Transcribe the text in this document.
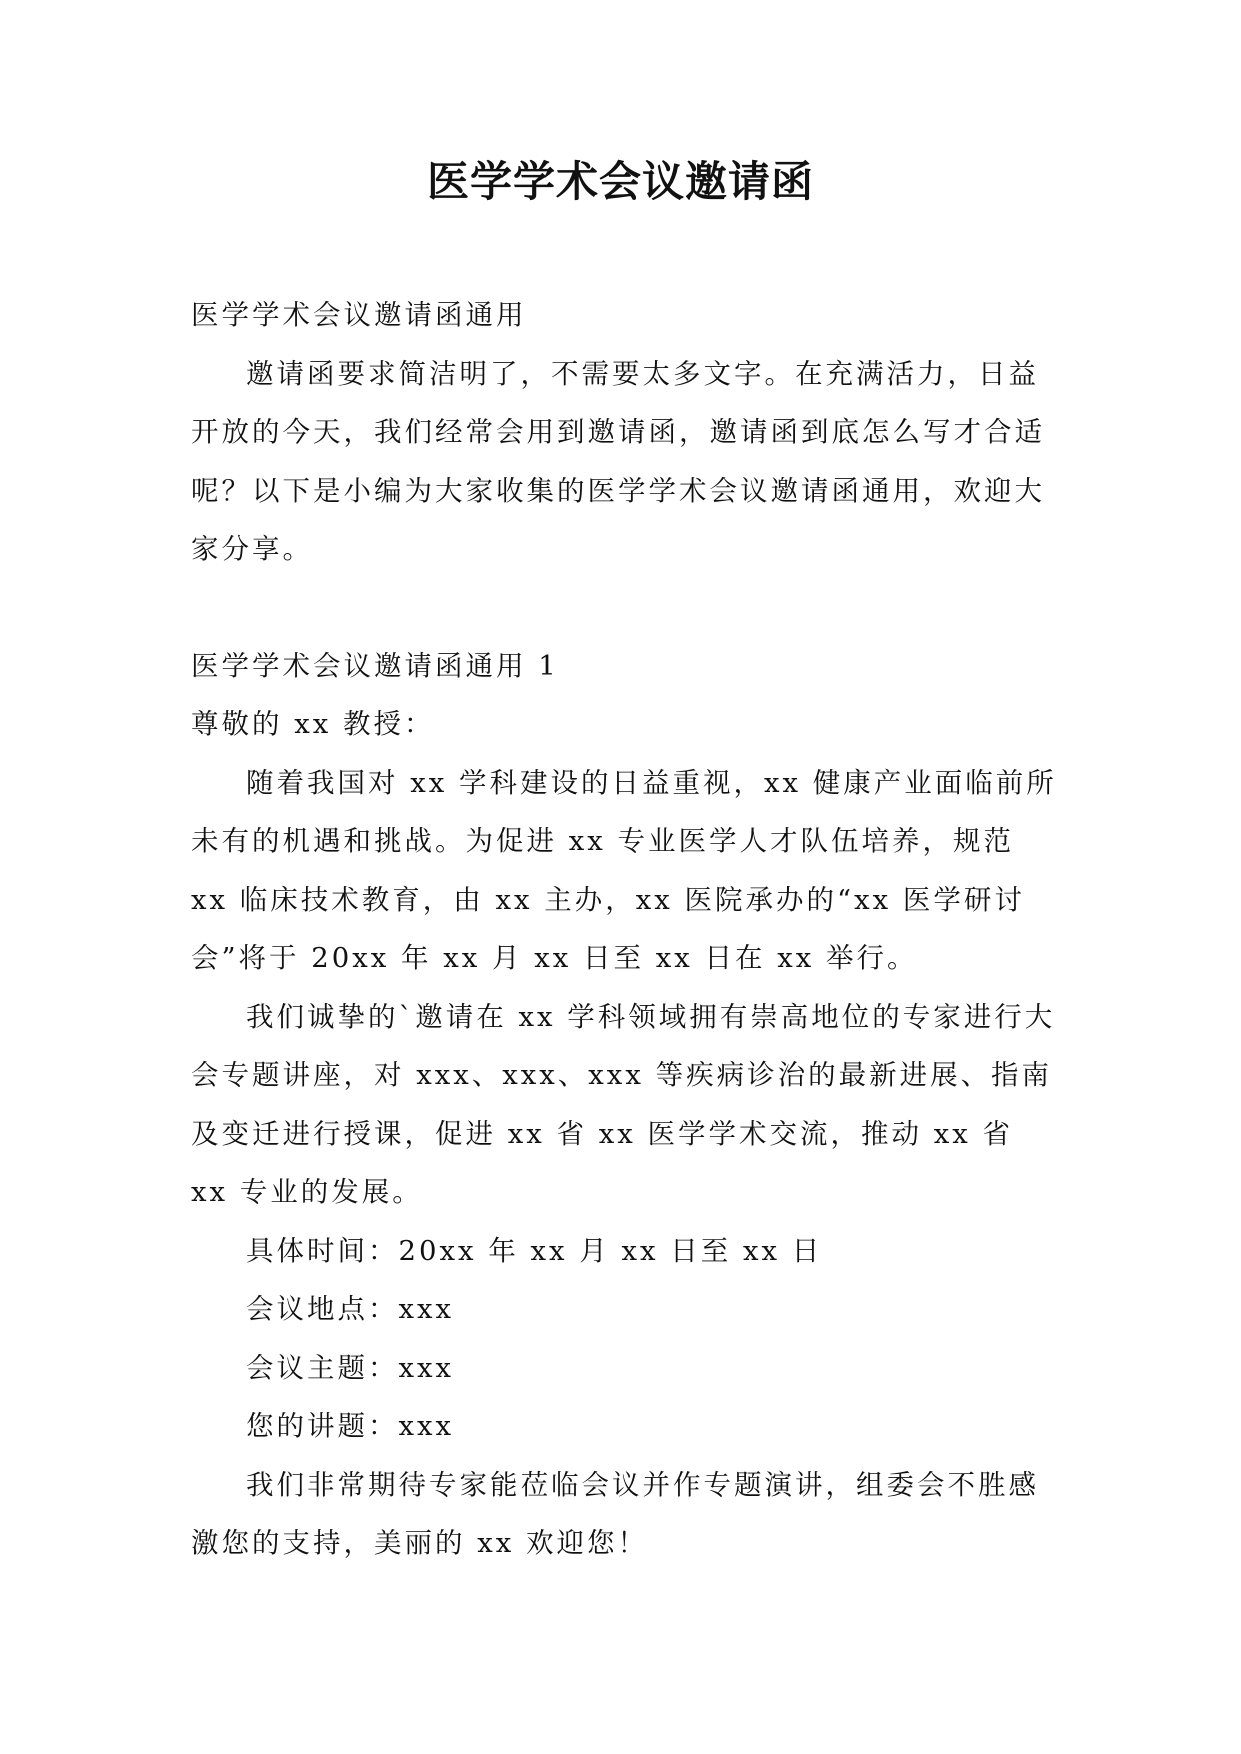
医学学术会议邀请函

医学学术会议邀请函通用

邀请函要求简洁明了，不需要太多文字。在充满活力，日益开放的今天，我们经常会用到邀请函，邀请函到底怎么写才合适呢？以下是小编为大家收集的医学学术会议邀请函通用，欢迎大家分享。

医学学术会议邀请函通用 1

尊敬的 xx 教授：

随着我国对 xx 学科建设的日益重视，xx 健康产业面临前所未有的机遇和挑战。为促进 xx 专业医学人才队伍培养，规范 xx 临床技术教育，由 xx 主办，xx 医院承办的“xx 医学研讨会”将于 20xx 年 xx 月 xx 日至 xx 日在 xx 举行。

我们诚挚的`邀请在 xx 学科领域拥有崇高地位的专家进行大会专题讲座，对 xxx、xxx、xxx 等疾病诊治的最新进展、指南及变迁进行授课，促进 xx 省 xx 医学学术交流，推动 xx 省 xx 专业的发展。

具体时间：20xx 年 xx 月 xx 日至 xx 日

会议地点：xxx

会议主题：xxx

您的讲题：xxx

我们非常期待专家能莅临会议并作专题演讲，组委会不胜感激您的支持，美丽的 xx 欢迎您！
